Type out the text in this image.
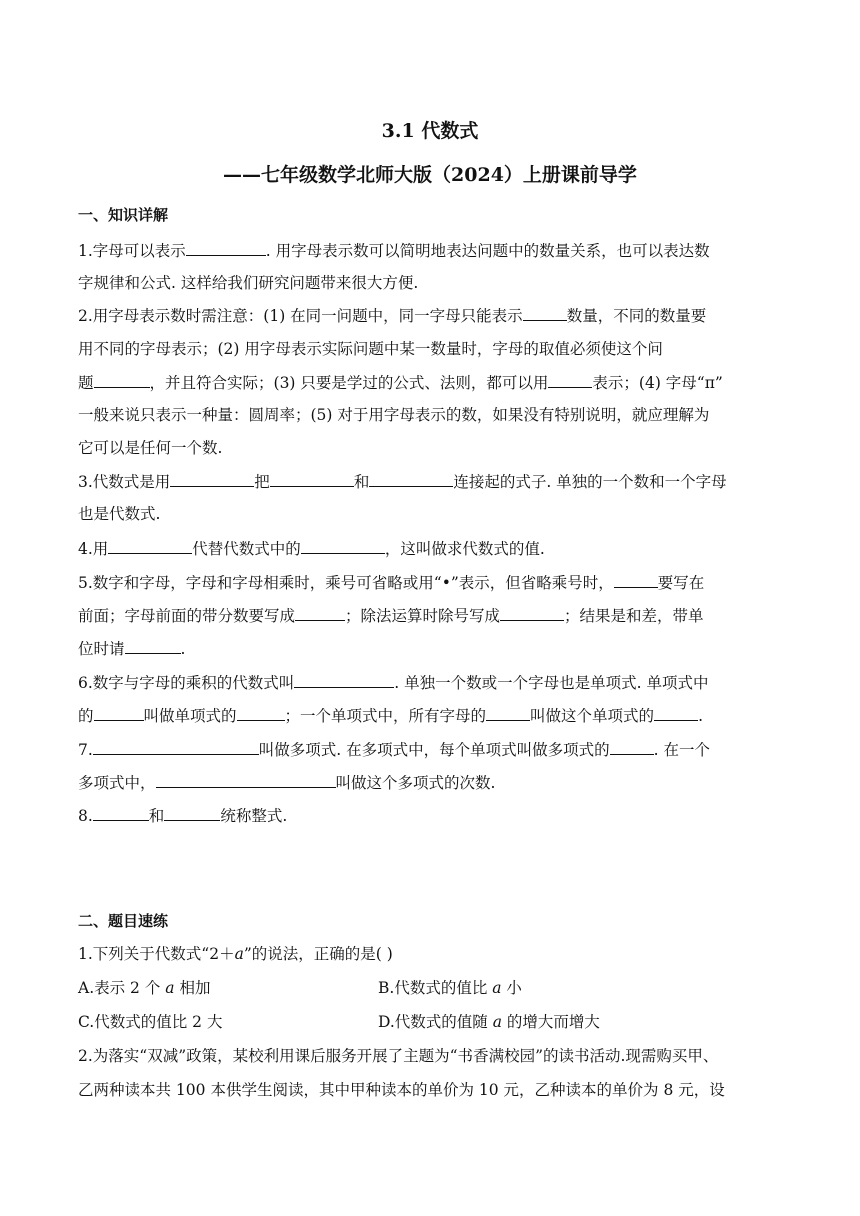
3.1 代数式
——七年级数学北师大版（2024）上册课前导学
一、知识详解
1.字母可以表示	. 用字母表示数可以简明地表达问题中的数量关系，也可以表达数
字规律和公式. 这样给我们研究问题带来很大方便.
2.用字母表示数时需注意：(1) 在同一问题中，同一字母只能表示	数量，不同的数量要
用不同的字母表示；(2) 用字母表示实际问题中某一数量时，字母的取值必须使这个问
题	，并且符合实际；(3) 只要是学过的公式、法则，都可以用	表示；(4) 字母“π”
一般来说只表示一种量：圆周率；(5) 对于用字母表示的数，如果没有特别说明，就应理解为
它可以是任何一个数.
3.代数式是用	把	和	连接起的式子. 单独的一个数和一个字母
也是代数式.
4.用	代替代数式中的	，这叫做求代数式的值.
5.数字和字母，字母和字母相乘时，乘号可省略或用“•”表示，但省略乘号时，	要写在
前面；字母前面的带分数要写成	；除法运算时除号写成	；结果是和差，带单
位时请	.
6.数字与字母的乘积的代数式叫	. 单独一个数或一个字母也是单项式. 单项式中
的	叫做单项式的	；一个单项式中，所有字母的	叫做这个单项式的	.
7.	叫做多项式. 在多项式中，每个单项式叫做多项式的	. 在一个
多项式中，	叫做这个多项式的次数.
8.	和	统称整式.
二、题目速练
1.下列关于代数式“2＋a”的说法，正确的是( )
A.表示 2 个 a 相加	B.代数式的值比 a 小
C.代数式的值比 2 大	D.代数式的值随 a 的增大而增大
2.为落实“双减”政策，某校利用课后服务开展了主题为“书香满校园”的读书活动.现需购买甲、
乙两种读本共 100 本供学生阅读，其中甲种读本的单价为 10 元，乙种读本的单价为 8 元，设
